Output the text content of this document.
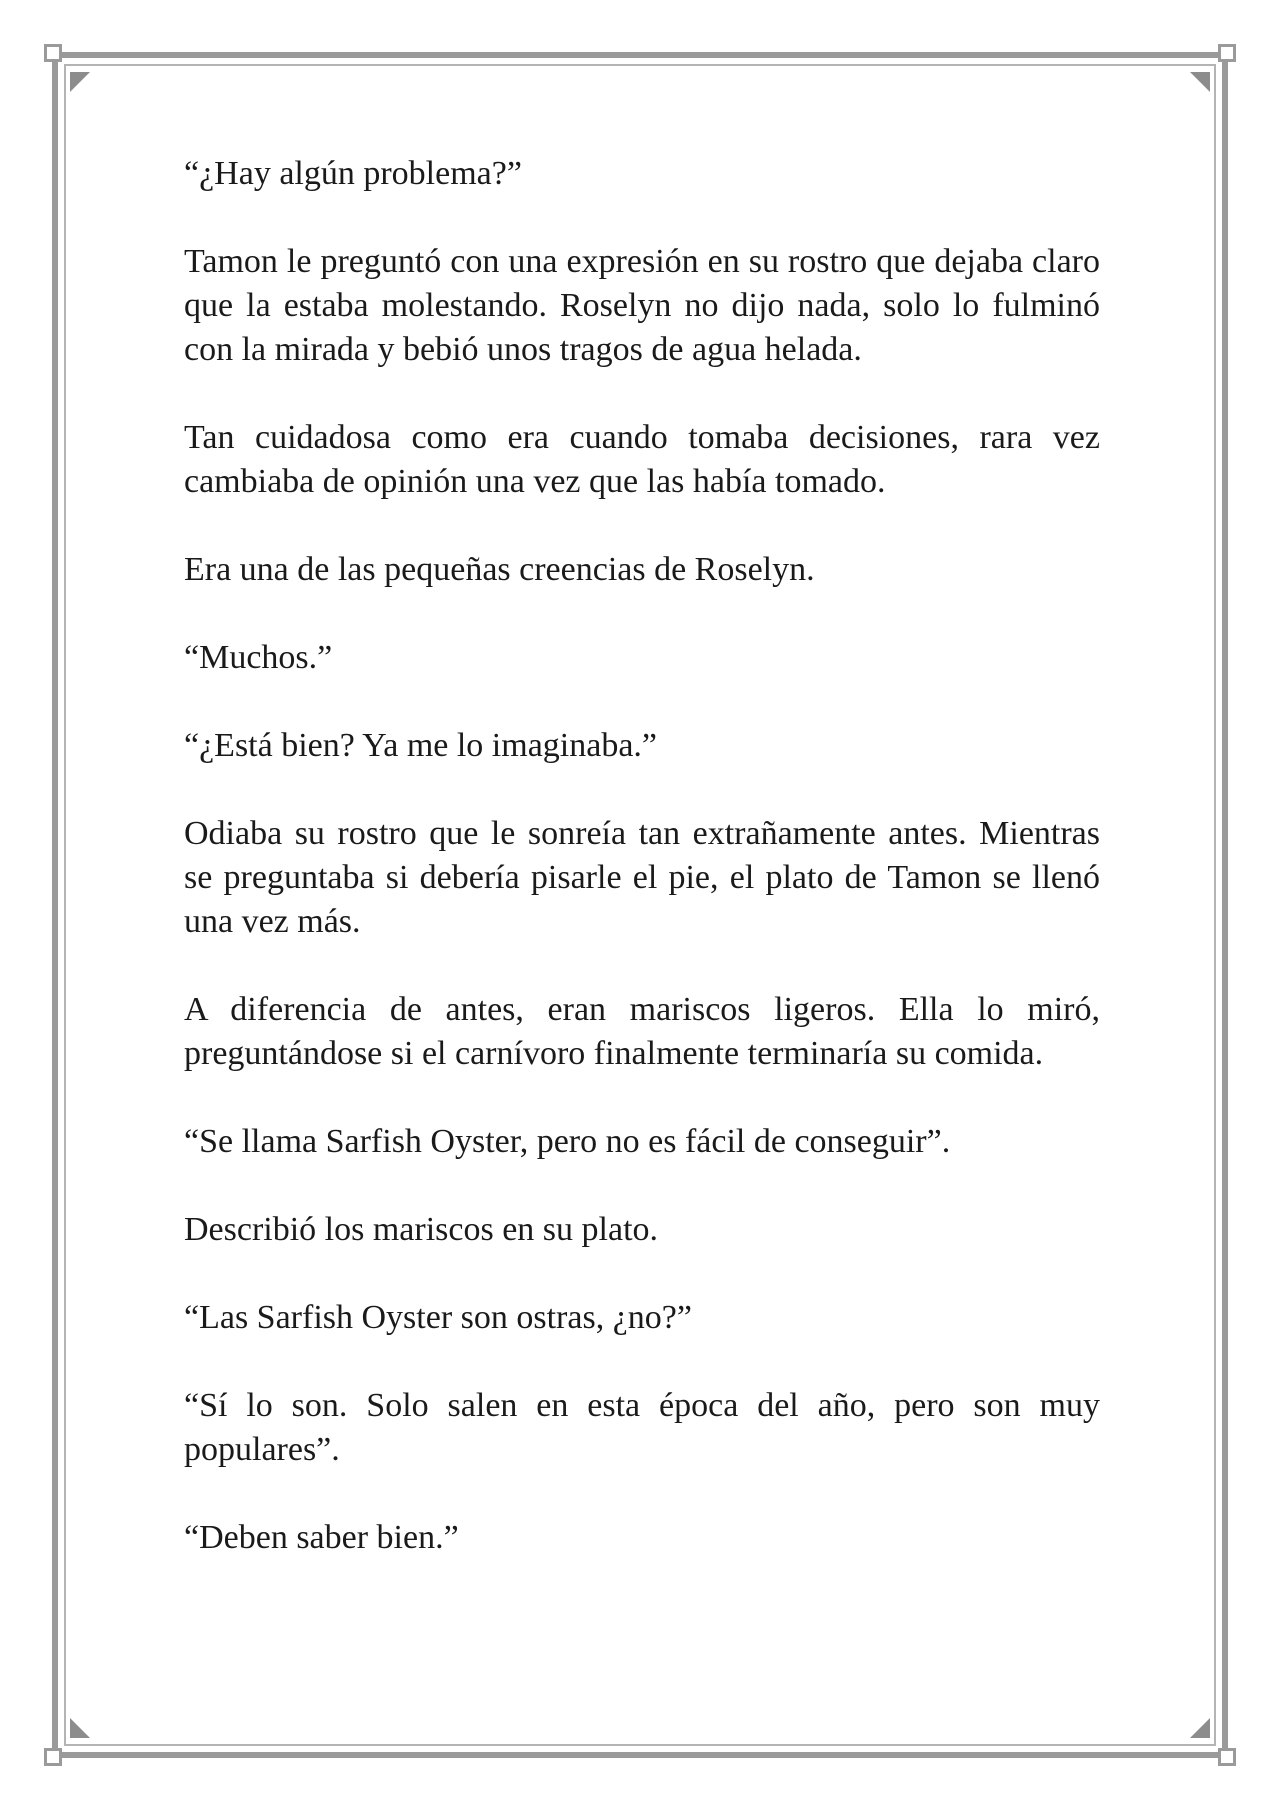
“¿Hay algún problema?”

Tamon le preguntó con una expresión en su rostro que dejaba claro que la estaba molestando. Roselyn no dijo nada, solo lo fulminó con la mirada y bebió unos tragos de agua helada.

Tan cuidadosa como era cuando tomaba decisiones, rara vez cambiaba de opinión una vez que las había tomado.

Era una de las pequeñas creencias de Roselyn.

“Muchos.”

“¿Está bien? Ya me lo imaginaba.”

Odiaba su rostro que le sonreía tan extrañamente antes. Mientras se preguntaba si debería pisarle el pie, el plato de Tamon se llenó una vez más.

A diferencia de antes, eran mariscos ligeros. Ella lo miró, preguntándose si el carnívoro finalmente terminaría su comida.

“Se llama Sarfish Oyster, pero no es fácil de conseguir”.

Describió los mariscos en su plato.

“Las Sarfish Oyster son ostras, ¿no?”

“Sí lo son. Solo salen en esta época del año, pero son muy populares”.

“Deben saber bien.”
